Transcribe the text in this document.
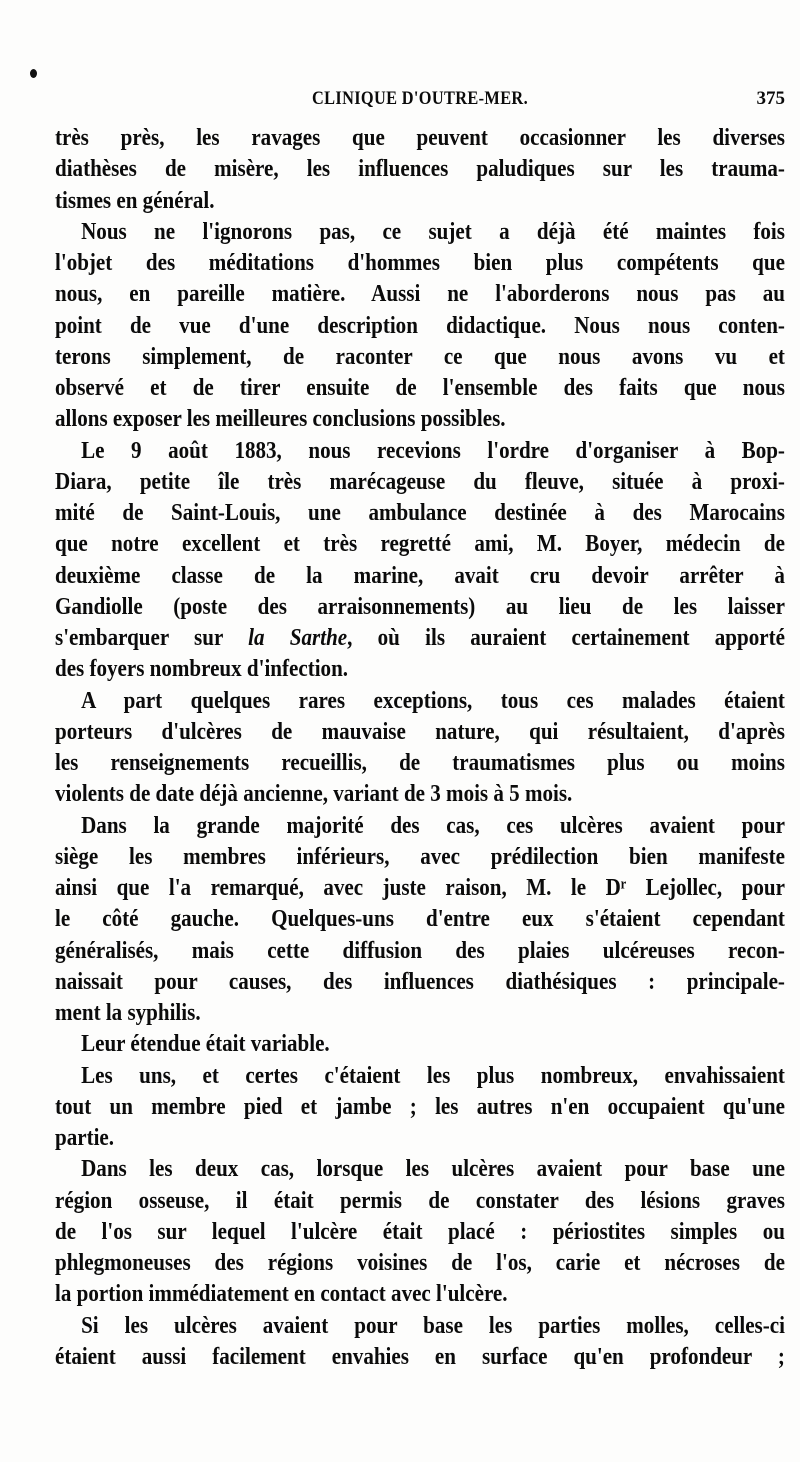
CLINIQUE D'OUTRE-MER.	375
très près, les ravages que peuvent occasionner les diverses
diathèses de misère, les influences paludiques sur les trauma-
tismes en général.
Nous ne l'ignorons pas, ce sujet a déjà été maintes fois
l'objet des méditations d'hommes bien plus compétents que
nous, en pareille matière. Aussi ne l'aborderons nous pas au
point de vue d'une description didactique. Nous nous conten-
terons simplement, de raconter ce que nous avons vu et
observé et de tirer ensuite de l'ensemble des faits que nous
allons exposer les meilleures conclusions possibles.
Le 9 août 1883, nous recevions l'ordre d'organiser à Bop-
Diara, petite île très marécageuse du fleuve, située à proxi-
mité de Saint-Louis, une ambulance destinée à des Marocains
que notre excellent et très regretté ami, M. Boyer, médecin de
deuxième classe de la marine, avait cru devoir arrêter à
Gandiolle (poste des arraisonnements) au lieu de les laisser
s'embarquer sur la Sarthe, où ils auraient certainement apporté
des foyers nombreux d'infection.
A part quelques rares exceptions, tous ces malades étaient
porteurs d'ulcères de mauvaise nature, qui résultaient, d'après
les renseignements recueillis, de traumatismes plus ou moins
violents de date déjà ancienne, variant de 3 mois à 5 mois.
Dans la grande majorité des cas, ces ulcères avaient pour
siège les membres inférieurs, avec prédilection bien manifeste
ainsi que l'a remarqué, avec juste raison, M. le Dʳ Lejollec, pour
le côté gauche. Quelques-uns d'entre eux s'étaient cependant
généralisés, mais cette diffusion des plaies ulcéreuses recon-
naissait pour causes, des influences diathésiques : principale-
ment la syphilis.
Leur étendue était variable.
Les uns, et certes c'étaient les plus nombreux, envahissaient
tout un membre pied et jambe ; les autres n'en occupaient qu'une
partie.
Dans les deux cas, lorsque les ulcères avaient pour base une
région osseuse, il était permis de constater des lésions graves
de l'os sur lequel l'ulcère était placé : périostites simples ou
phlegmoneuses des régions voisines de l'os, carie et nécroses de
la portion immédiatement en contact avec l'ulcère.
Si les ulcères avaient pour base les parties molles, celles-ci
étaient aussi facilement envahies en surface qu'en profondeur ;
